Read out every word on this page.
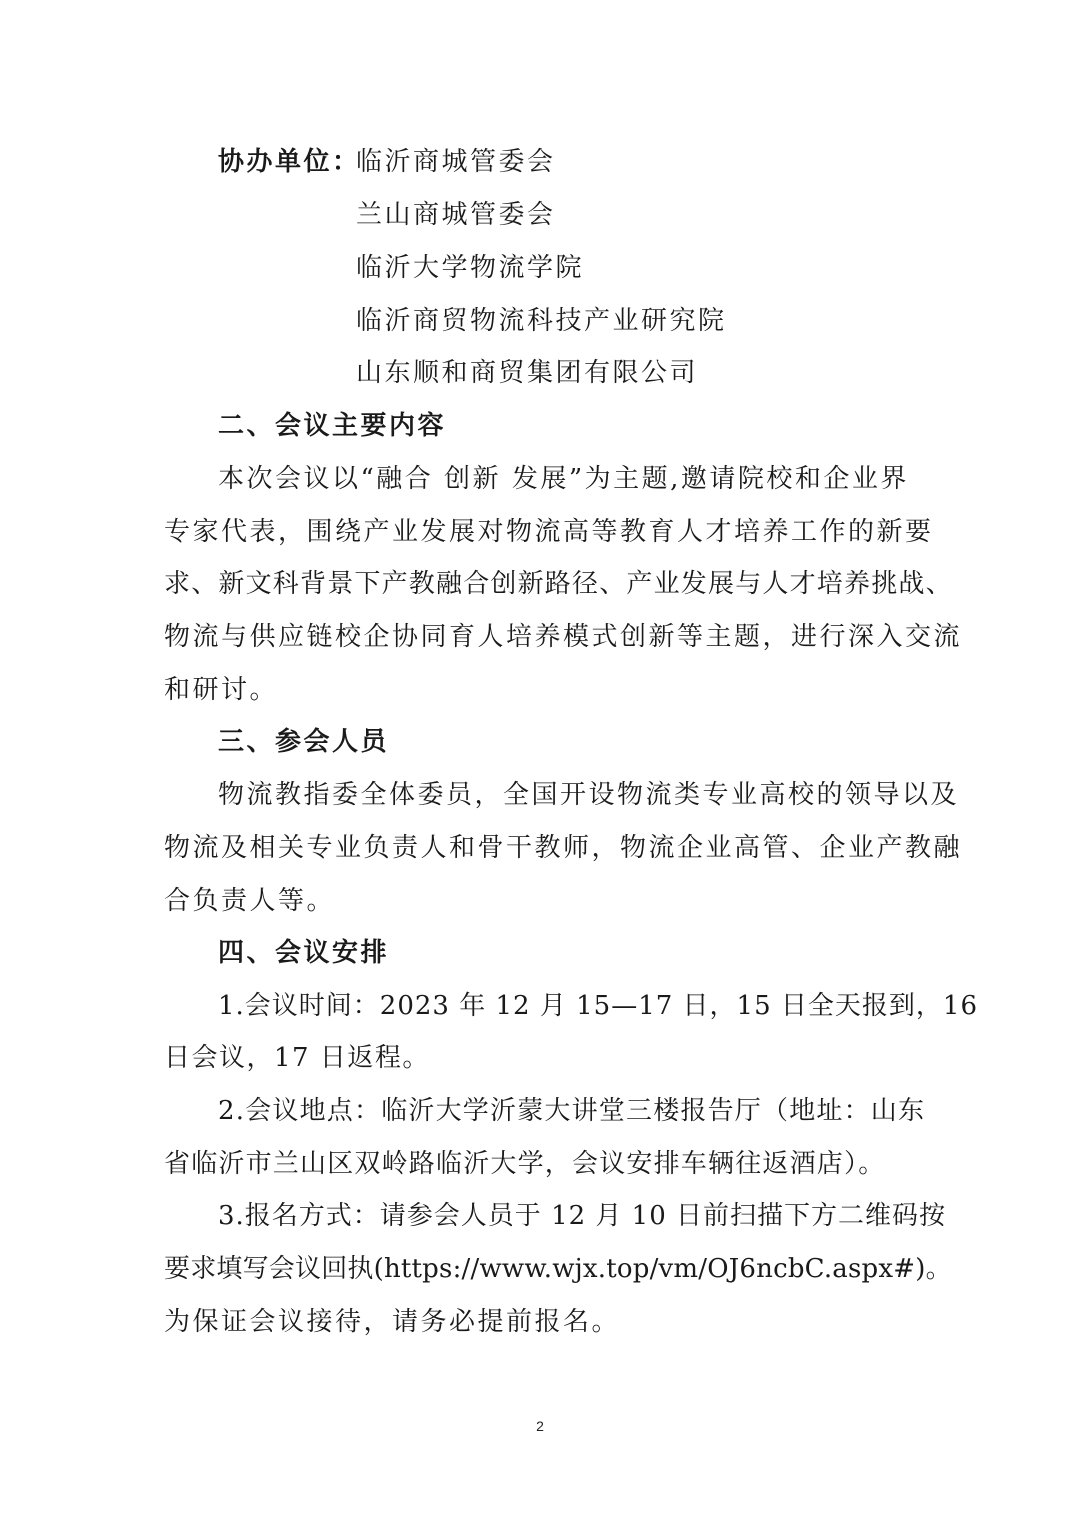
协办单位：
临沂商城管委会
兰山商城管委会
临沂大学物流学院
临沂商贸物流科技产业研究院
山东顺和商贸集团有限公司
二、会议主要内容
本次会议以“融合 创新 发展”为主题,邀请院校和企业界
专家代表，围绕产业发展对物流高等教育人才培养工作的新要
求、新文科背景下产教融合创新路径、产业发展与人才培养挑战、
物流与供应链校企协同育人培养模式创新等主题，进行深入交流
和研讨。
三、参会人员
物流教指委全体委员，全国开设物流类专业高校的领导以及
物流及相关专业负责人和骨干教师，物流企业高管、企业产教融
合负责人等。
四、会议安排
1.会议时间：2023 年 12 月 15—17 日，15 日全天报到，16
日会议，17 日返程。
2.会议地点：临沂大学沂蒙大讲堂三楼报告厅（地址：山东
省临沂市兰山区双岭路临沂大学，会议安排车辆往返酒店）。
3.报名方式：请参会人员于 12 月 10 日前扫描下方二维码按
要求填写会议回执(https://www.wjx.top/vm/OJ6ncbC.aspx#)。
为保证会议接待，请务必提前报名。
2
